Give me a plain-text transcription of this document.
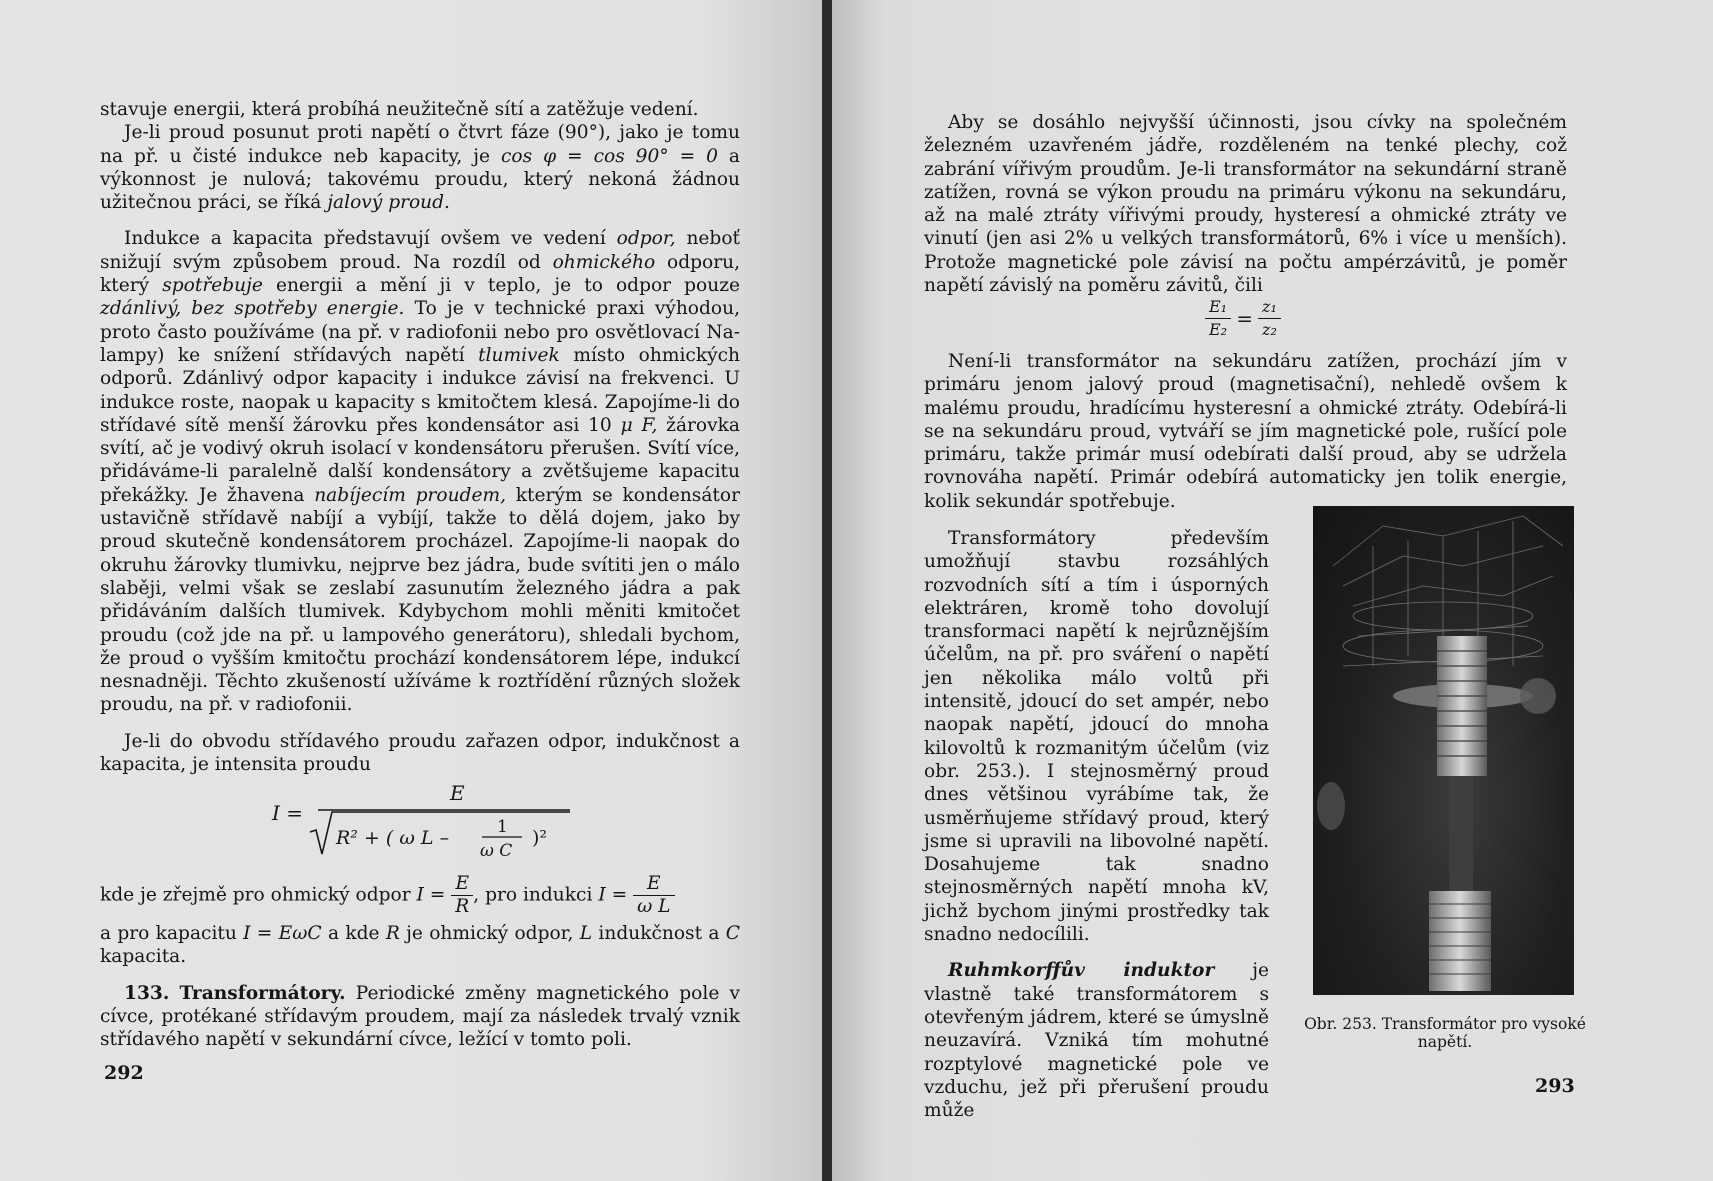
stavuje energii, která probíhá neužitečně sítí a zatěžuje vedení.

Je-li proud posunut proti napětí o čtvrt fáze (90°), jako je tomu na př. u čisté indukce neb kapacity, je cos φ = cos 90° = 0 a výkonnost je nulová; takovému proudu, který nekoná žádnou užitečnou práci, se říká jalový proud.

Indukce a kapacita představují ovšem ve vedení odpor, neboť snižují svým způsobem proud. Na rozdíl od ohmického odporu, který spotřebuje energii a mění ji v teplo, je to odpor pouze zdánlivý, bez spotřeby energie. To je v technické praxi výhodou, proto často používáme (na př. v radiofonii nebo pro osvětlovací Na-lampy) ke snížení střídavých napětí tlumivek místo ohmických odporů. Zdánlivý odpor kapacity i indukce závisí na frekvenci. U indukce roste, naopak u kapacity s kmitočtem klesá. Zapojíme-li do střídavé sítě menší žárovku přes kondensátor asi 10 μ F, žárovka svítí, ač je vodivý okruh isolací v kondensátoru přerušen. Svítí více, přidáváme-li paralelně další kondensátory a zvětšujeme kapacitu překážky. Je žhavena nabíjecím proudem, kterým se kondensátor ustavičně střídavě nabíjí a vybíjí, takže to dělá dojem, jako by proud skutečně kondensátorem procházel. Zapojíme-li naopak do okruhu žárovky tlumivku, nejprve bez jádra, bude svítiti jen o málo slaběji, velmi však se zeslabí zasunutím železného jádra a pak přidáváním dalších tlumivek. Kdybychom mohli měniti kmitočet proudu (což jde na př. u lampového generátoru), shledali bychom, že proud o vyšším kmitočtu prochází kondensátorem lépe, indukcí nesnadněji. Těchto zkušeností užíváme k roztřídění různých složek proudu, na př. v radiofonii.

Je-li do obvodu střídavého proudu zařazen odpor, indukčnost a kapacita, je intensita proudu

I =
E
R² + ( ω L –	1
ω C
)²

kde je zřejmě pro ohmický odpor $I = \frac{E}{R}$ , pro indukci $I = \frac{E}{\text{ω L}}$

a pro kapacitu I = EωC a kde R je ohmický odpor, L indukčnost a C kapacita.

133. Transformátory. Periodické změny magnetického pole v cívce, protékané střídavým proudem, mají za následek trvalý vznik střídavého napětí v sekundární cívce, ležící v tomto poli.

292

Aby se dosáhlo nejvyšší účinnosti, jsou cívky na společném železném uzavřeném jádře, rozděleném na tenké plechy, což zabrání vířivým proudům. Je-li transformátor na sekundární straně zatížen, rovná se výkon proudu na primáru výkonu na sekundáru, až na malé ztráty vířivými proudy, hysteresí a ohmické ztráty ve vinutí (jen asi 2% u velkých transformátorů, 6% i více u menších). Protože magnetické pole závisí na počtu ampérzávitů, je poměr napětí závislý na poměru závitů, čili

$\frac{\text{E₁}}{\text{E₂}} = \frac{\text{z₁}}{\text{z₂}}$

Není-li transformátor na sekundáru zatížen, prochází jím v primáru jenom jalový proud (magnetisační), nehledě ovšem k malému proudu, hradícímu hysteresní a ohmické ztráty. Odebírá-li se na sekundáru proud, vytváří se jím magnetické pole, rušící pole primáru, takže primár musí odebírati další proud, aby se udržela rovnováha napětí. Primár odebírá automaticky jen tolik energie, kolik sekundár spotřebuje.

Transformátory především umožňují stavbu rozsáhlých rozvodních sítí a tím i úsporných elektráren, kromě toho dovolují transformaci napětí k nejrůznějším účelům, na př. pro sváření o napětí jen několika málo voltů při intensitě, jdoucí do set ampér, nebo naopak napětí, jdoucí do mnoha kilovoltů k rozmanitým účelům (viz obr. 253.). I stejnosměrný proud dnes většinou vyrábíme tak, že usměrňujeme střídavý proud, který jsme si upravili na libovolné napětí. Dosahujeme tak snadno stejnosměrných napětí mnoha kV, jichž bychom jinými prostředky tak snadno nedocílili.

Ruhmkorffův induktor je vlastně také transformátorem s otevřeným jádrem, které se úmyslně neuzavírá. Vzniká tím mohutné rozptylové magnetické pole ve vzduchu, jež při přerušení proudu může

293
Obr. 253. Transformátor pro vysoké napětí.
